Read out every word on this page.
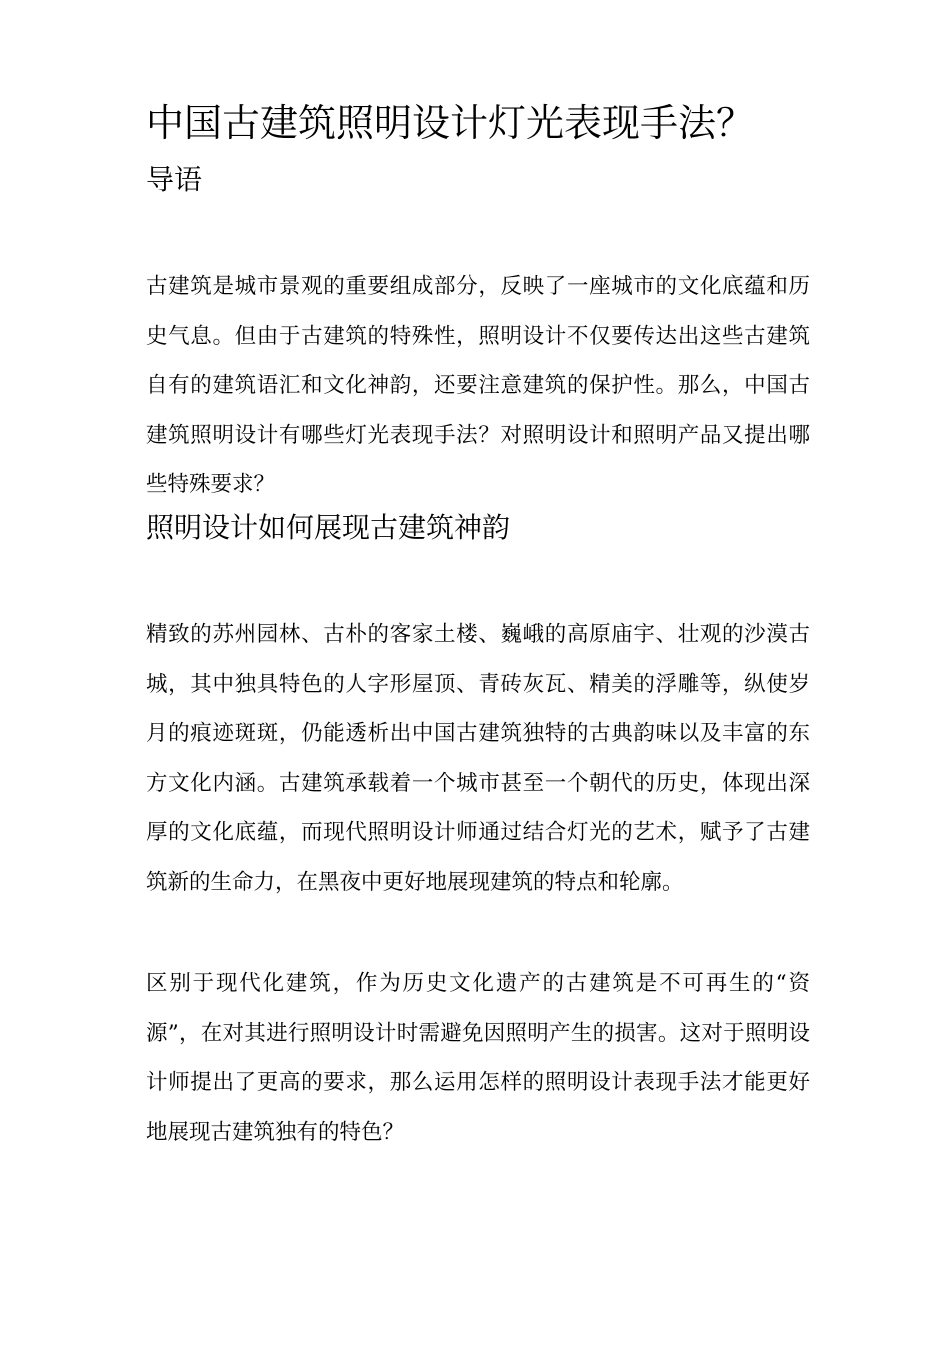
中国古建筑照明设计灯光表现手法？
导语

古建筑是城市景观的重要组成部分，反映了一座城市的文化底蕴和历史气息。但由于古建筑的特殊性，照明设计不仅要传达出这些古建筑自有的建筑语汇和文化神韵，还要注意建筑的保护性。那么，中国古建筑照明设计有哪些灯光表现手法？对照明设计和照明产品又提出哪些特殊要求？

照明设计如何展现古建筑神韵

精致的苏州园林、古朴的客家土楼、巍峨的高原庙宇、壮观的沙漠古城，其中独具特色的人字形屋顶、青砖灰瓦、精美的浮雕等，纵使岁月的痕迹斑斑，仍能透析出中国古建筑独特的古典韵味以及丰富的东方文化内涵。古建筑承载着一个城市甚至一个朝代的历史，体现出深厚的文化底蕴，而现代照明设计师通过结合灯光的艺术，赋予了古建筑新的生命力，在黑夜中更好地展现建筑的特点和轮廓。

区别于现代化建筑，作为历史文化遗产的古建筑是不可再生的“资源”，在对其进行照明设计时需避免因照明产生的损害。这对于照明设计师提出了更高的要求，那么运用怎样的照明设计表现手法才能更好地展现古建筑独有的特色？
